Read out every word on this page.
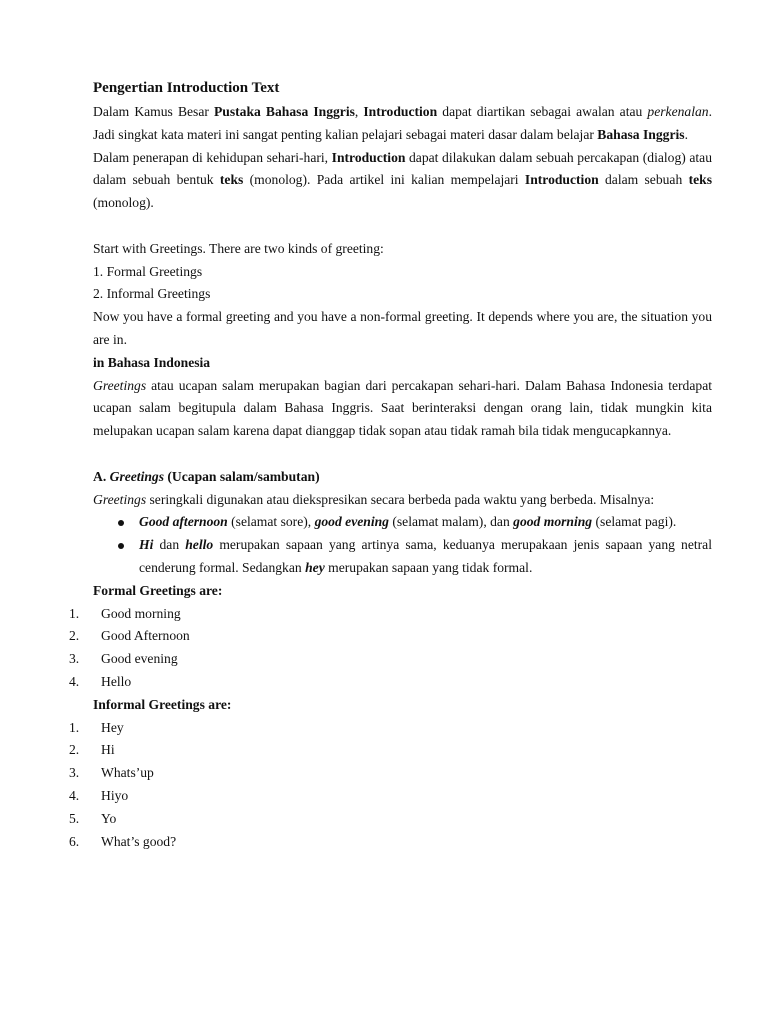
Pengertian Introduction Text

Dalam Kamus Besar Pustaka Bahasa Inggris, Introduction dapat diartikan sebagai awalan atau perkenalan. Jadi singkat kata materi ini sangat penting kalian pelajari sebagai materi dasar dalam belajar Bahasa Inggris.

Dalam penerapan di kehidupan sehari-hari, Introduction dapat dilakukan dalam sebuah percakapan (dialog) atau dalam sebuah bentuk teks (monolog). Pada artikel ini kalian mempelajari Introduction dalam sebuah teks (monolog).

Start with Greetings. There are two kinds of greeting:
1. Formal Greetings
2. Informal Greetings

Now you have a formal greeting and you have a non-formal greeting. It depends where you are, the situation you are in.

in Bahasa Indonesia

Greetings atau ucapan salam merupakan bagian dari percakapan sehari-hari. Dalam Bahasa Indonesia terdapat ucapan salam begitupula dalam Bahasa Inggris. Saat berinteraksi dengan orang lain, tidak mungkin kita melupakan ucapan salam karena dapat dianggap tidak sopan atau tidak ramah bila tidak mengucapkannya.

A. Greetings (Ucapan salam/sambutan)

Greetings seringkali digunakan atau diekspresikan secara berbeda pada waktu yang berbeda. Misalnya:

Good afternoon (selamat sore), good evening (selamat malam), dan good morning (selamat pagi).
Hi dan hello merupakan sapaan yang artinya sama, keduanya merupakaan jenis sapaan yang netral cenderung formal. Sedangkan hey merupakan sapaan yang tidak formal.
Formal Greetings are:
1. Good morning
2. Good Afternoon
3. Good evening
4. Hello
Informal Greetings are:
1. Hey
2. Hi
3. Whats’up
4. Hiyo
5. Yo
6. What’s good?
